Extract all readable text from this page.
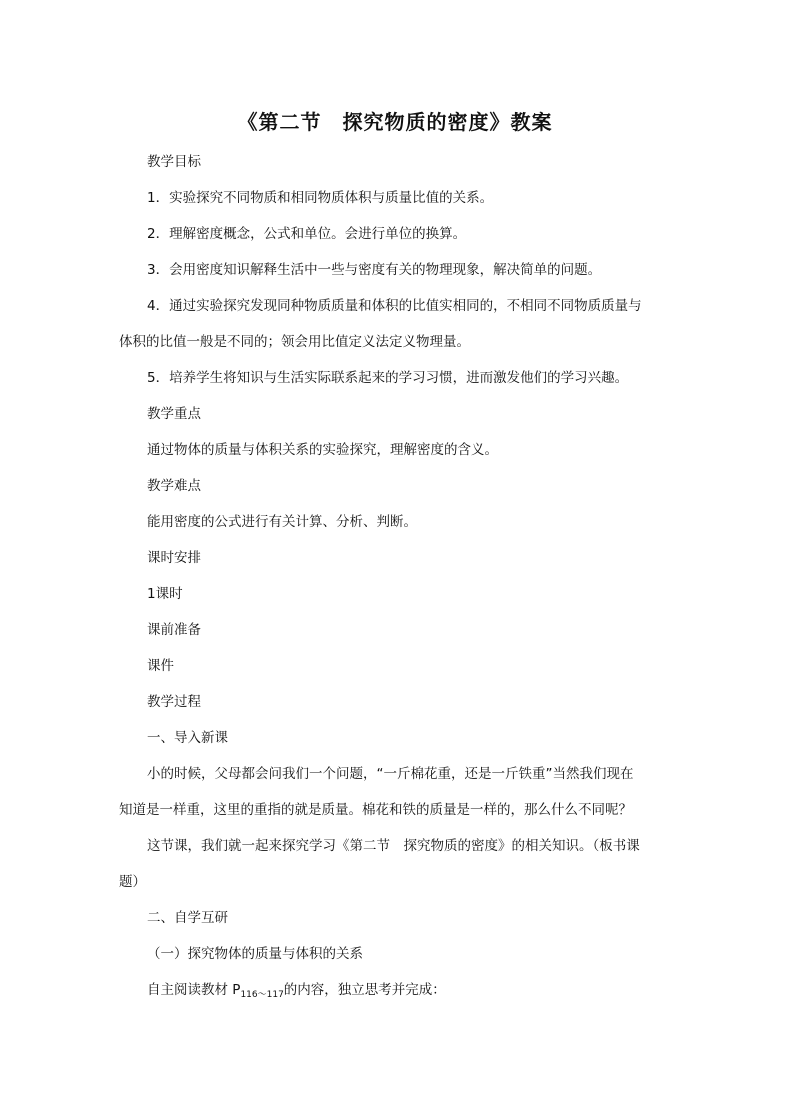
《第二节　探究物质的密度》教案
教学目标
1．实验探究不同物质和相同物质体积与质量比值的关系。
2．理解密度概念，公式和单位。会进行单位的换算。
3．会用密度知识解释生活中一些与密度有关的物理现象，解决简单的问题。
4．通过实验探究发现同种物质质量和体积的比值实相同的，不相同不同物质质量与
体积的比值一般是不同的；领会用比值定义法定义物理量。
5．培养学生将知识与生活实际联系起来的学习习惯，进而激发他们的学习兴趣。
教学重点
通过物体的质量与体积关系的实验探究，理解密度的含义。
教学难点
能用密度的公式进行有关计算、分析、判断。
课时安排
1课时
课前准备
课件
教学过程
一、导入新课
小的时候，父母都会问我们一个问题，“一斤棉花重，还是一斤铁重”当然我们现在
知道是一样重，这里的重指的就是质量。棉花和铁的质量是一样的，那么什么不同呢？
这节课，我们就一起来探究学习《第二节　探究物质的密度》的相关知识。（板书课
题）
二、自学互研
（一）探究物体的质量与体积的关系
自主阅读教材 $P_{116\sim 117}$的内容，独立思考并完成：
